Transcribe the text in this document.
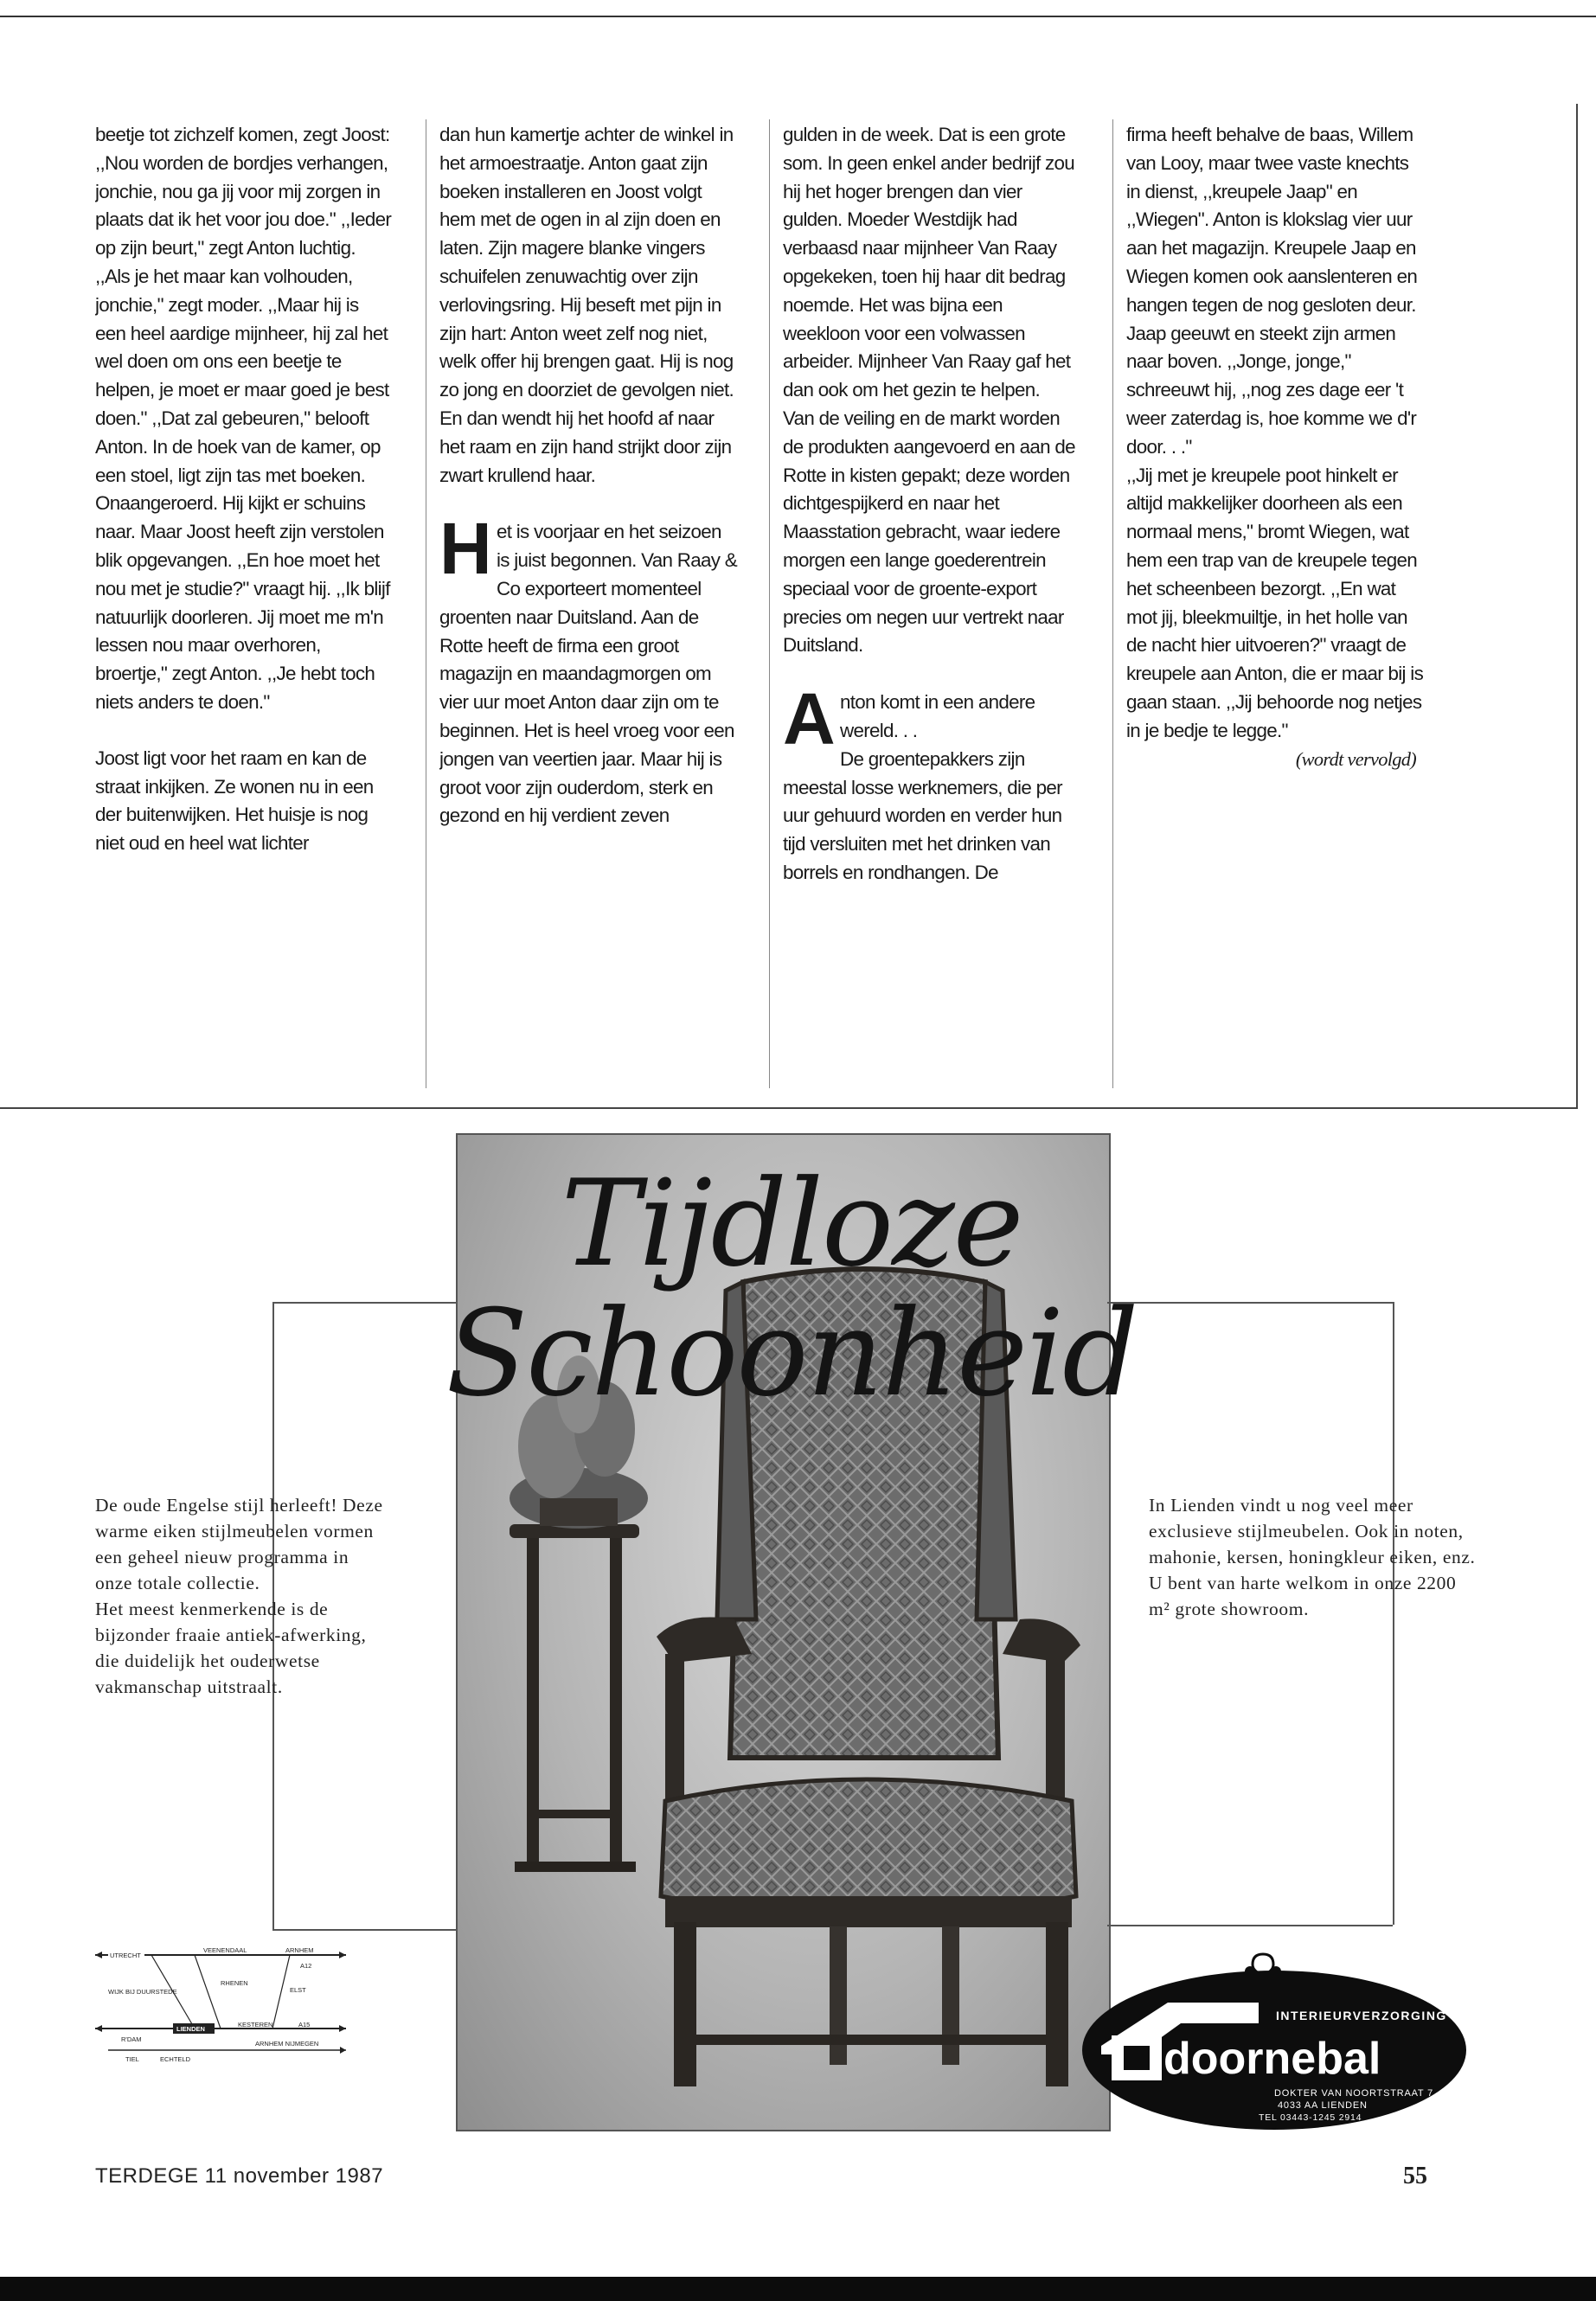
beetje tot zichzelf komen, zegt Joost: ,,Nou worden de bordjes verhangen, jonchie, nou ga jij voor mij zorgen in plaats dat ik het voor jou doe." ,,Ieder op zijn beurt," zegt Anton luchtig. ,,Als je het maar kan volhouden, jonchie," zegt moder. ,,Maar hij is een heel aardige mijnheer, hij zal het wel doen om ons een beetje te helpen, je moet er maar goed je best doen." ,,Dat zal gebeuren," belooft Anton. In de hoek van de kamer, op een stoel, ligt zijn tas met boeken. Onaangeroerd. Hij kijkt er schuins naar. Maar Joost heeft zijn verstolen blik opgevangen. ,,En hoe moet het nou met je studie?" vraagt hij. ,,Ik blijf natuurlijk doorleren. Jij moet me m'n lessen nou maar overhoren, broertje," zegt Anton. ,,Je hebt toch niets anders te doen."

Joost ligt voor het raam en kan de straat inkijken. Ze wonen nu in een der buitenwijken. Het huisje is nog niet oud en heel wat lichter

dan hun kamertje achter de winkel in het armoestraatje. Anton gaat zijn boeken installeren en Joost volgt hem met de ogen in al zijn doen en laten. Zijn magere blanke vingers schuifelen zenuwachtig over zijn verlovingsring. Hij beseft met pijn in zijn hart: Anton weet zelf nog niet, welk offer hij brengen gaat. Hij is nog zo jong en doorziet de gevolgen niet. En dan wendt hij het hoofd af naar het raam en zijn hand strijkt door zijn zwart krullend haar.

Het is voorjaar en het seizoen is juist begonnen. Van Raay & Co exporteert momenteel groenten naar Duitsland. Aan de Rotte heeft de firma een groot magazijn en maandagmorgen om vier uur moet Anton daar zijn om te beginnen. Het is heel vroeg voor een jongen van veertien jaar. Maar hij is groot voor zijn ouderdom, sterk en gezond en hij verdient zeven

gulden in de week. Dat is een grote som. In geen enkel ander bedrijf zou hij het hoger brengen dan vier gulden. Moeder Westdijk had verbaasd naar mijnheer Van Raay opgekeken, toen hij haar dit bedrag noemde. Het was bijna een weekloon voor een volwassen arbeider. Mijnheer Van Raay gaf het dan ook om het gezin te helpen.

Van de veiling en de markt worden de produkten aangevoerd en aan de Rotte in kisten gepakt; deze worden dichtgespijkerd en naar het Maasstation gebracht, waar iedere morgen een lange goederentrein speciaal voor de groente-export precies om negen uur vertrekt naar Duitsland.

Anton komt in een andere wereld. . .

De groentepakkers zijn meestal losse werknemers, die per uur gehuurd worden en verder hun tijd versluiten met het drinken van borrels en rondhangen. De

firma heeft behalve de baas, Willem van Looy, maar twee vaste knechts in dienst, ,,kreupele Jaap" en ,,Wiegen". Anton is klokslag vier uur aan het magazijn. Kreupele Jaap en Wiegen komen ook aanslenteren en hangen tegen de nog gesloten deur.

Jaap geeuwt en steekt zijn armen naar boven. ,,Jonge, jonge," schreeuwt hij, ,,nog zes dage eer 't weer zaterdag is, hoe komme we d'r door. . ."

,,Jij met je kreupele poot hinkelt er altijd makkelijker doorheen als een normaal mens," bromt Wiegen, wat hem een trap van de kreupele tegen het scheenbeen bezorgt. ,,En wat mot jij, bleekmuiltje, in het holle van de nacht hier uitvoeren?" vraagt de kreupele aan Anton, die er maar bij is gaan staan. ,,Jij behoorde nog netjes in je bedje te legge."

(wordt vervolgd)

Tijdloze Schoonheid

De oude Engelse stijl herleeft! Deze warme eiken stijlmeubelen vormen een geheel nieuw programma in onze totale collectie.

Het meest kenmerkende is de bijzonder fraaie antiek-afwerking, die duidelijk het ouderwetse vakmanschap uitstraalt.

In Lienden vindt u nog veel meer exclusieve stijlmeubelen. Ook in noten, mahonie, kersen, honingkleur eiken, enz. U bent van harte welkom in onze 2200 m² grote showroom.

UTRECHT
VEENENDAAL	ARNHEM
A12
RHENEN
WIJK BIJ DUURSTEDE	ELST
LIENDEN
KESTEREN	A15
R'DAM
TIEL	ECHTELD
ARNHEM NIJMEGEN
INTERIEURVERZORGING
doornebal
DOKTER VAN NOORTSTRAAT 7
4033 AA LIENDEN
TEL 03443-1245 2914
TERDEGE 11 november 1987	55
